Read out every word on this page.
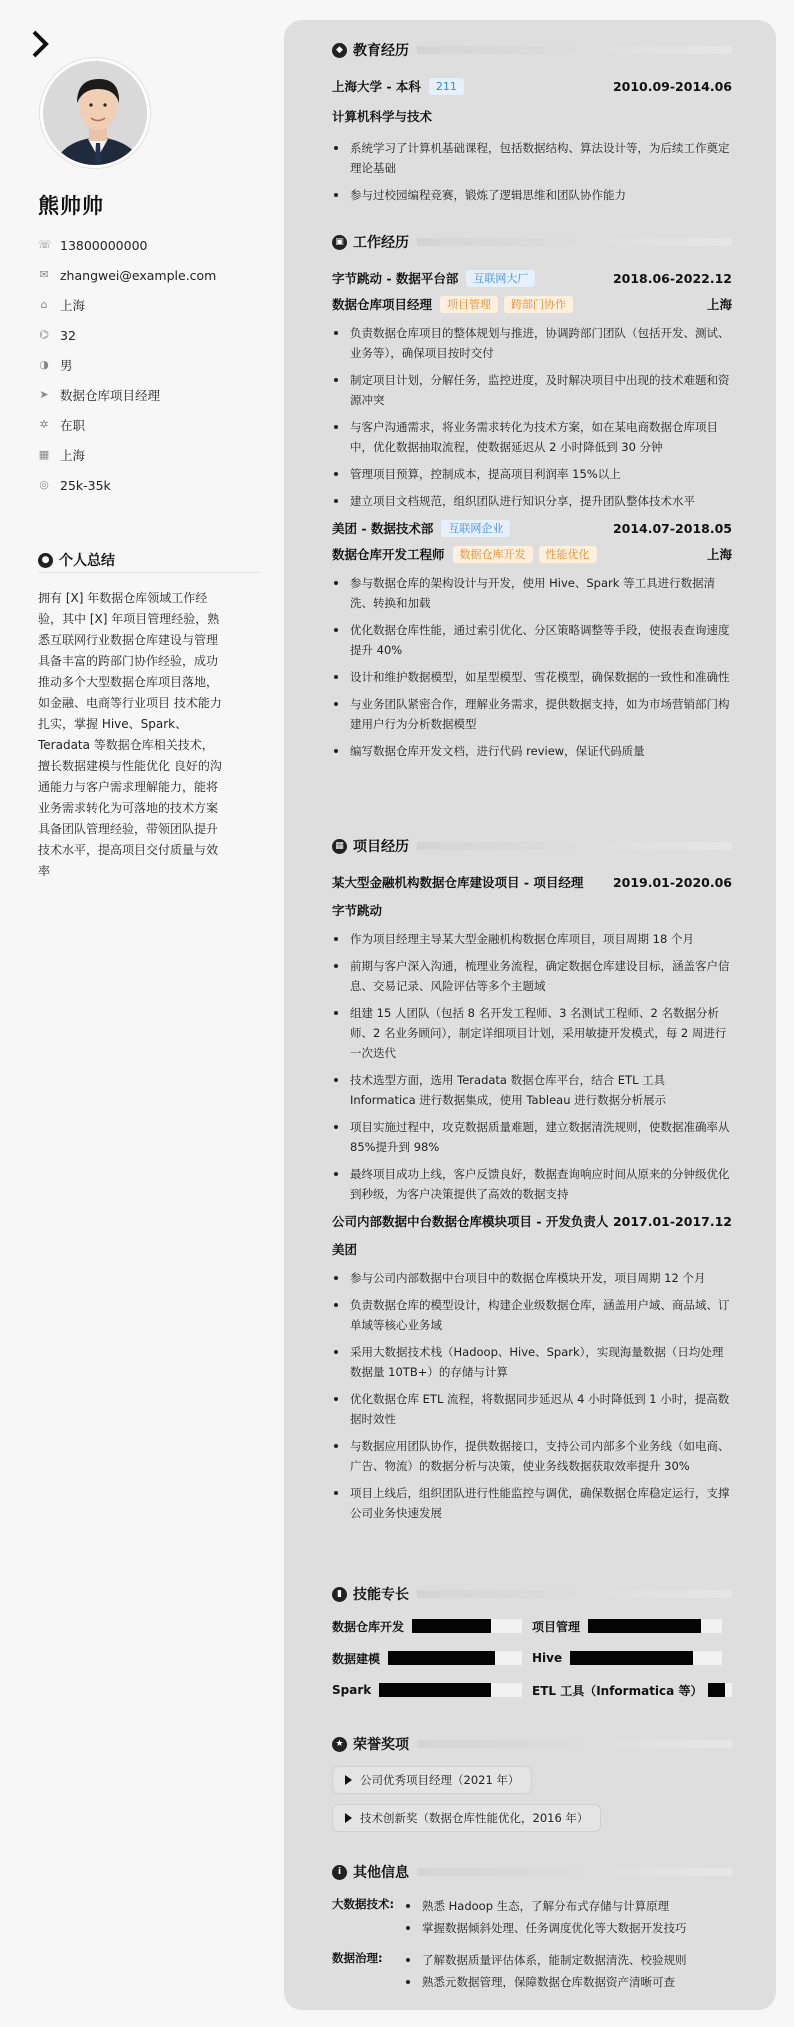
熊帅帅
☏ 13800000000
✉ zhangwei@example.com
⌂ 上海
⌬ 32
◑ 男
➤ 数据仓库项目经理
✲ 在职
▦ 上海
◎ 25k-35k
● 个人总结
拥有 [X] 年数据仓库领域工作经验，其中 [X] 年项目管理经验，熟悉互联网行业数据仓库建设与管理具备丰富的跨部门协作经验，成功推动多个大型数据仓库项目落地，如金融、电商等行业项目 技术能力扎实，掌握 Hive、Spark、Teradata 等数据仓库相关技术，擅长数据建模与性能优化 良好的沟通能力与客户需求理解能力，能将业务需求转化为可落地的技术方案 具备团队管理经验，带领团队提升技术水平，提高项目交付质量与效率
◆ 教育经历
上海大学 - 本科	211	2010.09-2014.06
计算机科学与技术
系统学习了计算机基础课程，包括数据结构、算法设计等，为后续工作奠定理论基础
参与过校园编程竞赛，锻炼了逻辑思维和团队协作能力
▣ 工作经历
字节跳动 - 数据平台部	互联网大厂	2018.06-2022.12
数据仓库项目经理	项目管理	跨部门协作	上海
负责数据仓库项目的整体规划与推进，协调跨部门团队（包括开发、测试、业务等），确保项目按时交付
制定项目计划，分解任务，监控进度，及时解决项目中出现的技术难题和资源冲突
与客户沟通需求，将业务需求转化为技术方案，如在某电商数据仓库项目中，优化数据抽取流程，使数据延迟从 2 小时降低到 30 分钟
管理项目预算，控制成本，提高项目利润率 15%以上
建立项目文档规范，组织团队进行知识分享，提升团队整体技术水平
美团 - 数据技术部	互联网企业	2014.07-2018.05
数据仓库开发工程师	数据仓库开发	性能优化	上海
参与数据仓库的架构设计与开发，使用 Hive、Spark 等工具进行数据清洗、转换和加载
优化数据仓库性能，通过索引优化、分区策略调整等手段，使报表查询速度提升 40%
设计和维护数据模型，如星型模型、雪花模型，确保数据的一致性和准确性
与业务团队紧密合作，理解业务需求，提供数据支持，如为市场营销部门构建用户行为分析数据模型
编写数据仓库开发文档，进行代码 review，保证代码质量
▦ 项目经历
某大型金融机构数据仓库建设项目 - 项目经理 2019.01-2020.06
字节跳动
作为项目经理主导某大型金融机构数据仓库项目，项目周期 18 个月
前期与客户深入沟通，梳理业务流程，确定数据仓库建设目标，涵盖客户信息、交易记录、风险评估等多个主题域
组建 15 人团队（包括 8 名开发工程师、3 名测试工程师、2 名数据分析师、2 名业务顾问），制定详细项目计划，采用敏捷开发模式，每 2 周进行一次迭代
技术选型方面，选用 Teradata 数据仓库平台，结合 ETL 工具 Informatica 进行数据集成，使用 Tableau 进行数据分析展示
项目实施过程中，攻克数据质量难题，建立数据清洗规则，使数据准确率从 85%提升到 98%
最终项目成功上线，客户反馈良好，数据查询响应时间从原来的分钟级优化到秒级，为客户决策提供了高效的数据支持
公司内部数据中台数据仓库模块项目 - 开发负责人 2017.01-2017.12
美团
参与公司内部数据中台项目中的数据仓库模块开发，项目周期 12 个月
负责数据仓库的模型设计，构建企业级数据仓库，涵盖用户域、商品域、订单域等核心业务域
采用大数据技术栈（Hadoop、Hive、Spark），实现海量数据（日均处理数据量 10TB+）的存储与计算
优化数据仓库 ETL 流程，将数据同步延迟从 4 小时降低到 1 小时，提高数据时效性
与数据应用团队协作，提供数据接口，支持公司内部多个业务线（如电商、广告、物流）的数据分析与决策，使业务线数据获取效率提升 30%
项目上线后，组织团队进行性能监控与调优，确保数据仓库稳定运行，支撑公司业务快速发展
▮ 技能专长
数据仓库开发	项目管理
数据建模	Hive
Spark	ETL 工具（Informatica 等）
★ 荣誉奖项
公司优秀项目经理（2021 年）
技术创新奖（数据仓库性能优化，2016 年）
i 其他信息
大数据技术:	熟悉 Hadoop 生态，了解分布式存储与计算原理
掌握数据倾斜处理、任务调度优化等大数据开发技巧
数据治理:	了解数据质量评估体系，能制定数据清洗、校验规则
熟悉元数据管理，保障数据仓库数据资产清晰可查
